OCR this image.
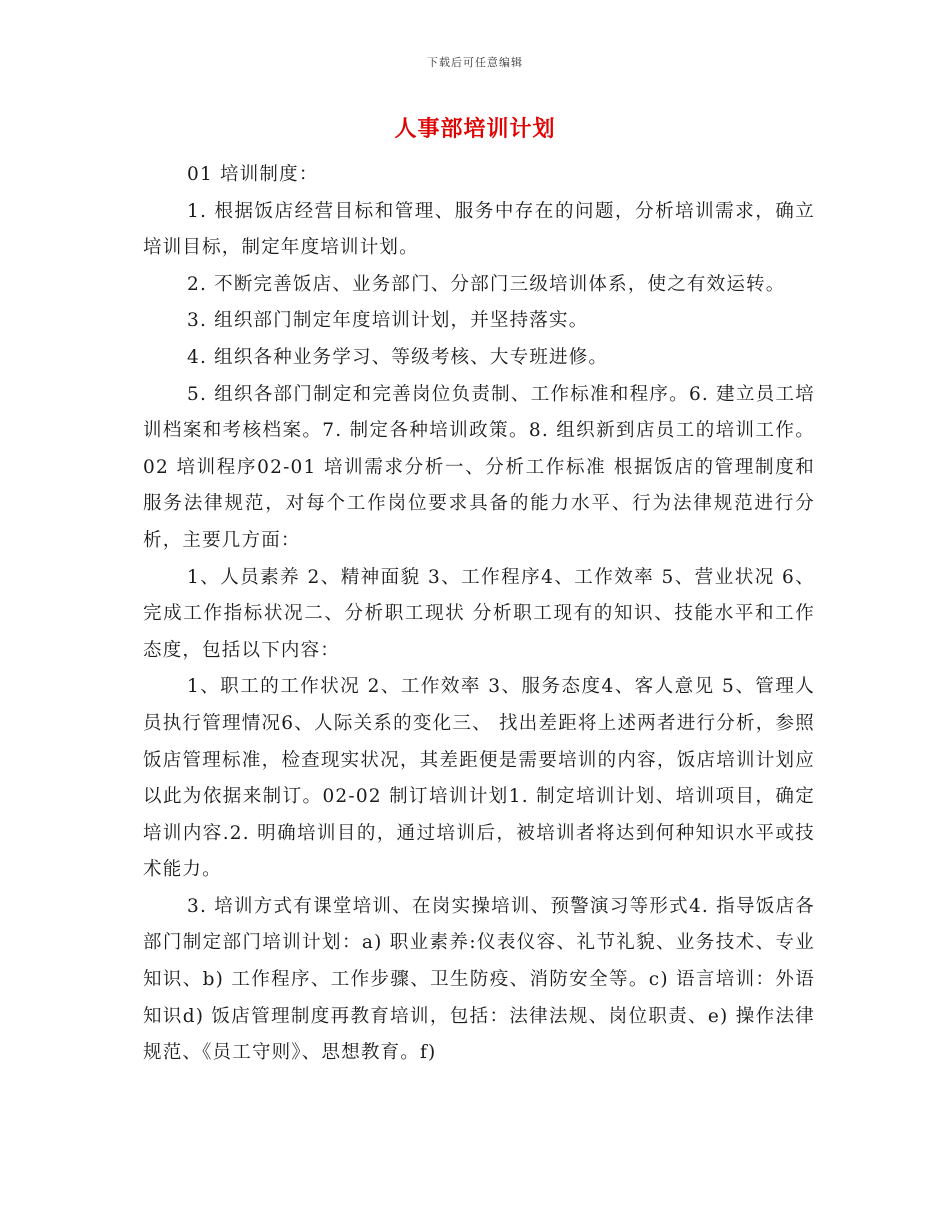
下载后可任意编辑
人事部培训计划

01 培训制度：

1. 根据饭店经营目标和管理、服务中存在的问题，分析培训需求，确立培训目标，制定年度培训计划。

2. 不断完善饭店、业务部门、分部门三级培训体系，使之有效运转。

3. 组织部门制定年度培训计划，并坚持落实。

4. 组织各种业务学习、等级考核、大专班进修。

5. 组织各部门制定和完善岗位负责制、工作标准和程序。6. 建立员工培训档案和考核档案。7. 制定各种培训政策。8. 组织新到店员工的培训工作。02 培训程序02-01 培训需求分析一、分析工作标准 根据饭店的管理制度和服务法律规范，对每个工作岗位要求具备的能力水平、行为法律规范进行分析，主要几方面：

1、人员素养 2、精神面貌 3、工作程序4、工作效率 5、营业状况 6、完成工作指标状况二、分析职工现状 分析职工现有的知识、技能水平和工作态度，包括以下内容：

1、职工的工作状况 2、工作效率 3、服务态度4、客人意见 5、管理人员执行管理情况6、人际关系的变化三、 找出差距将上述两者进行分析，参照饭店管理标准，检查现实状况，其差距便是需要培训的内容，饭店培训计划应以此为依据来制订。02-02 制订培训计划1. 制定培训计划、培训项目，确定培训内容.2. 明确培训目的，通过培训后，被培训者将达到何种知识水平或技术能力。

3. 培训方式有课堂培训、在岗实操培训、预警演习等形式4. 指导饭店各部门制定部门培训计划：a) 职业素养:仪表仪容、礼节礼貌、业务技术、专业知识、b) 工作程序、工作步骤、卫生防疫、消防安全等。c) 语言培训：外语知识d) 饭店管理制度再教育培训，包括：法律法规、岗位职责、e) 操作法律规范、《员工守则》、思想教育。f)
